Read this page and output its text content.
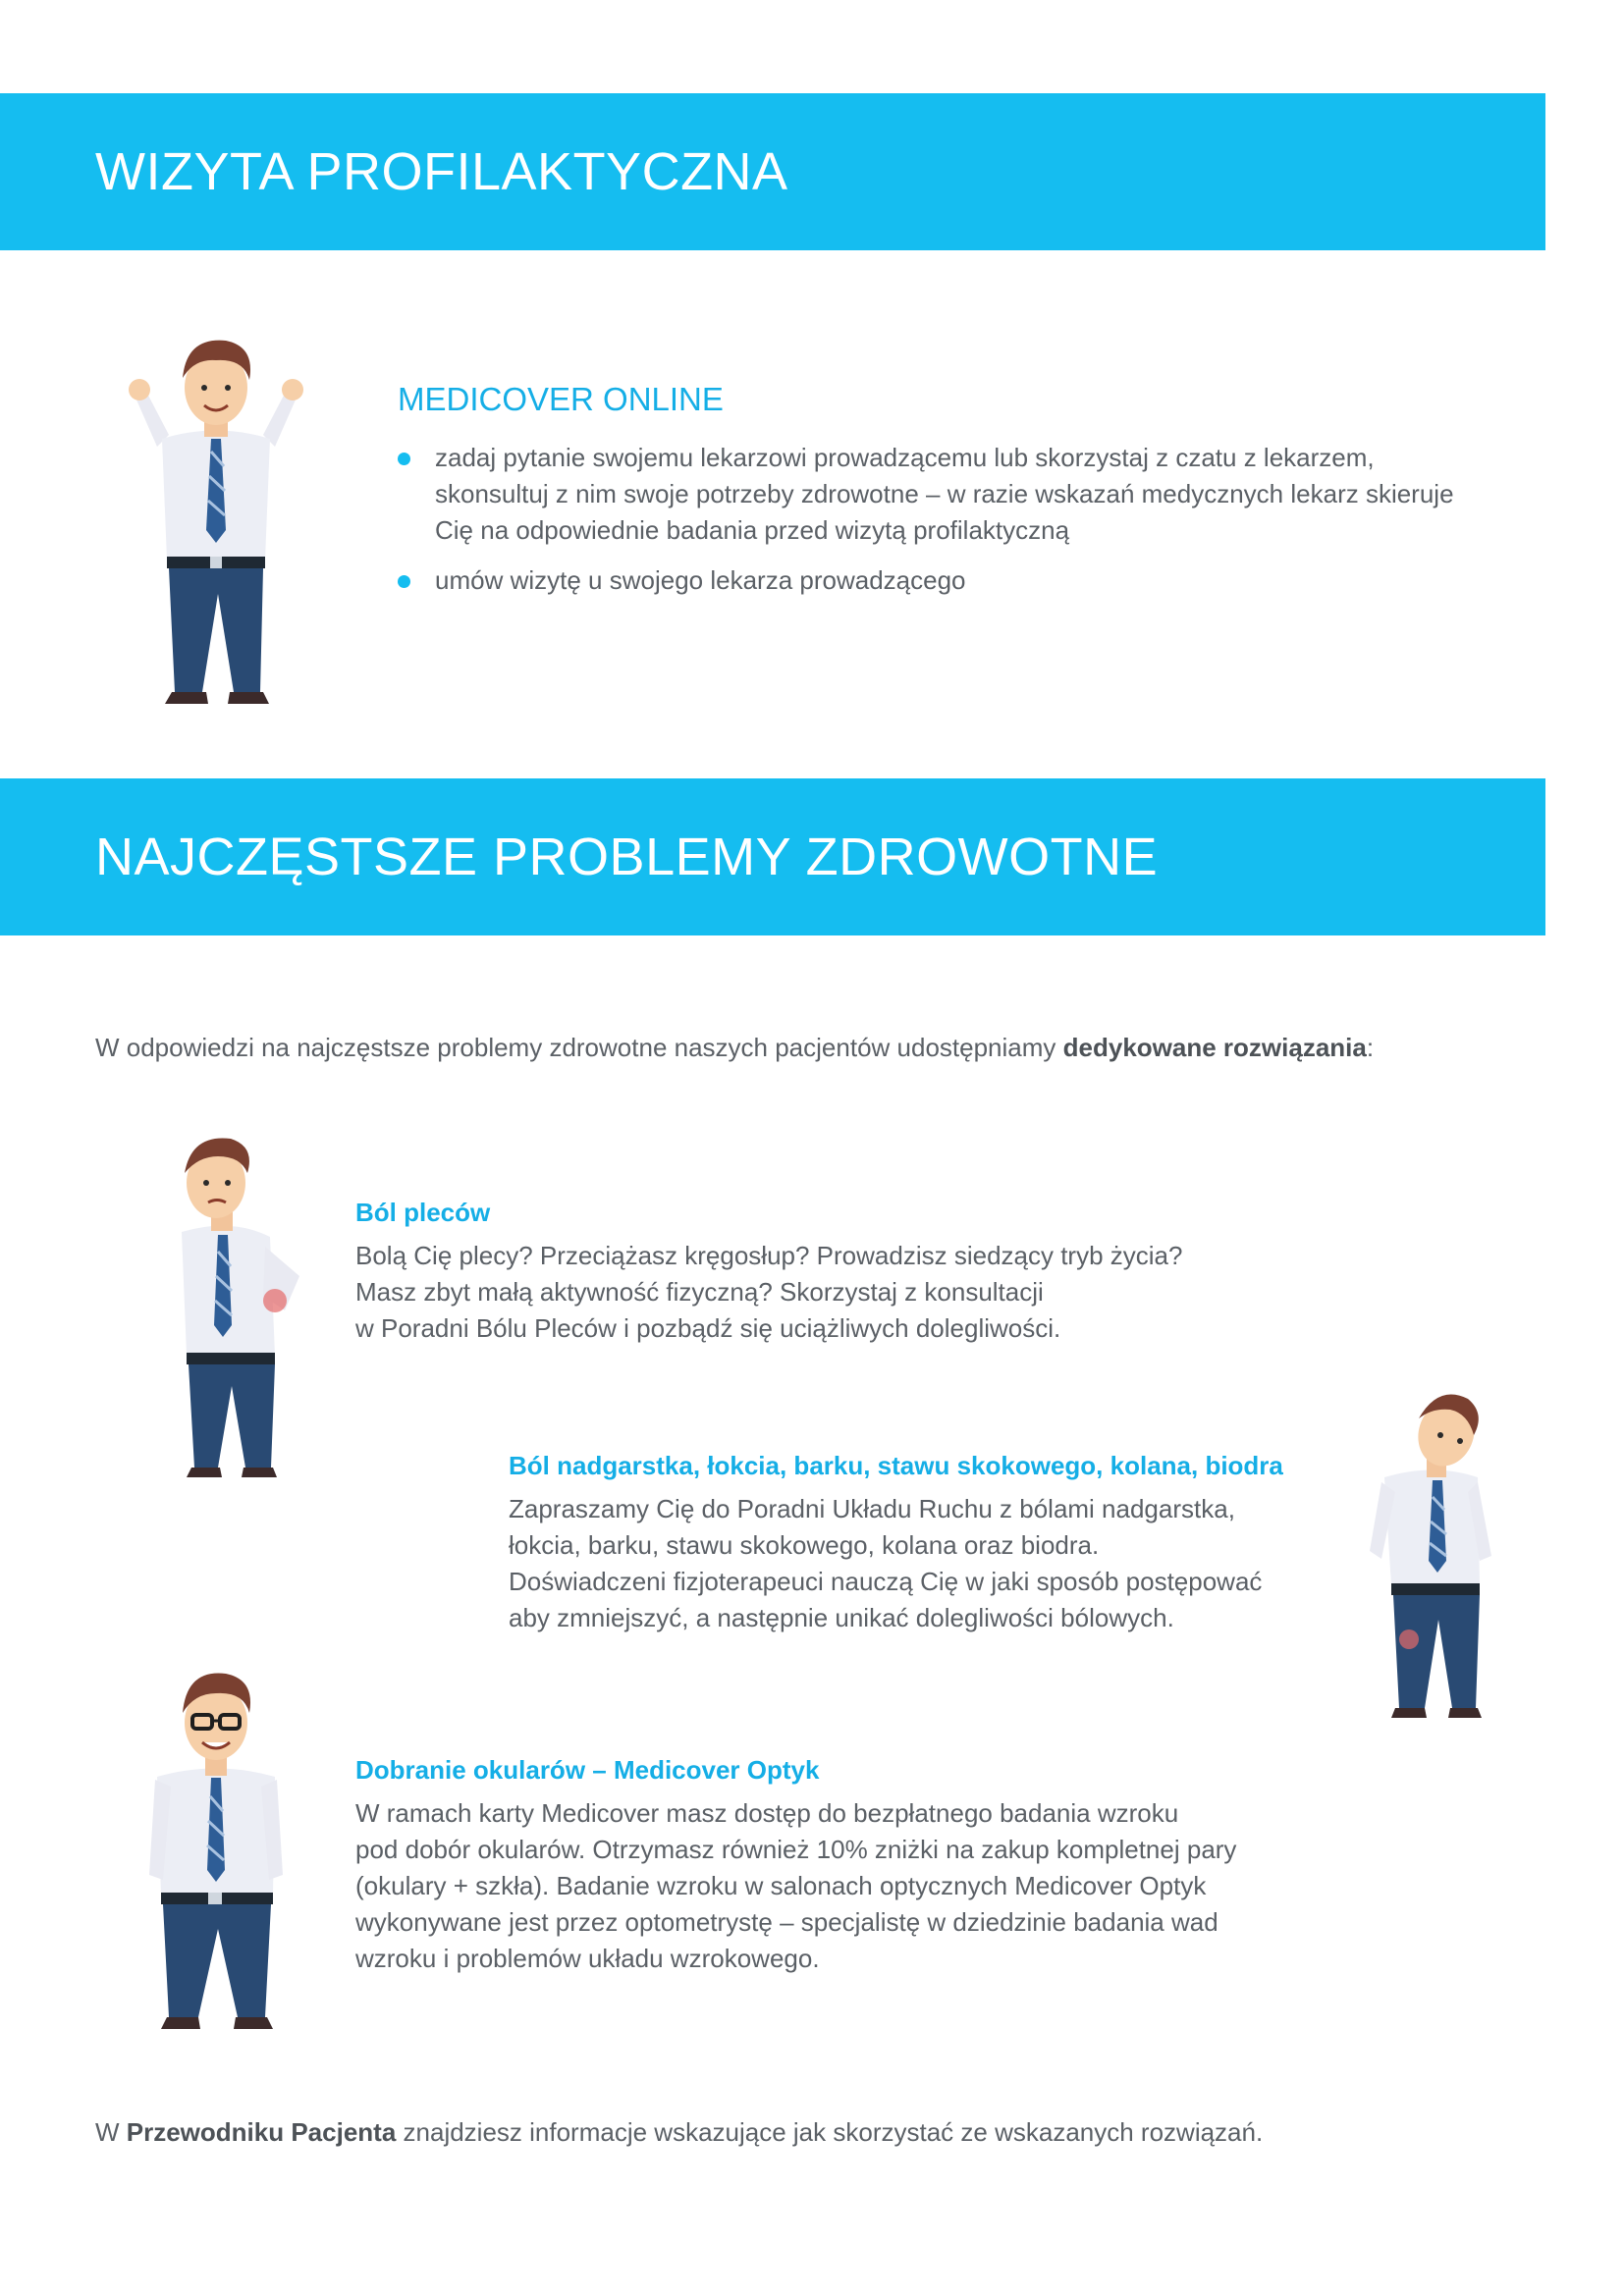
WIZYTA PROFILAKTYCZNA
MEDICOVER ONLINE
zadaj pytanie swojemu lekarzowi prowadzącemu lub skorzystaj z czatu z lekarzem, skonsultuj z nim swoje potrzeby zdrowotne – w razie wskazań medycznych lekarz skieruje Cię na odpowiednie badania przed wizytą profilaktyczną
umów wizytę u swojego lekarza prowadzącego
NAJCZĘSTSZE PROBLEMY ZDROWOTNE

W odpowiedzi na najczęstsze problemy zdrowotne naszych pacjentów udostępniamy dedykowane rozwiązania:

Ból pleców

Bolą Cię plecy? Przeciążasz kręgosłup? Prowadzisz siedzący tryb życia?

Masz zbyt małą aktywność fizyczną? Skorzystaj z konsultacji

w Poradni Bólu Pleców i pozbądź się uciążliwych dolegliwości.

Ból nadgarstka, łokcia, barku, stawu skokowego, kolana, biodra

Zapraszamy Cię do Poradni Układu Ruchu z bólami nadgarstka,

łokcia, barku, stawu skokowego, kolana oraz biodra.

Doświadczeni fizjoterapeuci nauczą Cię w jaki sposób postępować

aby zmniejszyć, a następnie unikać dolegliwości bólowych.

Dobranie okularów – Medicover Optyk

W ramach karty Medicover masz dostęp do bezpłatnego badania wzroku

pod dobór okularów. Otrzymasz również 10% zniżki na zakup kompletnej pary

(okulary + szkła). Badanie wzroku w salonach optycznych Medicover Optyk

wykonywane jest przez optometrystę – specjalistę w dziedzinie badania wad

wzroku i problemów układu wzrokowego.

W Przewodniku Pacjenta znajdziesz informacje wskazujące jak skorzystać ze wskazanych rozwiązań.
